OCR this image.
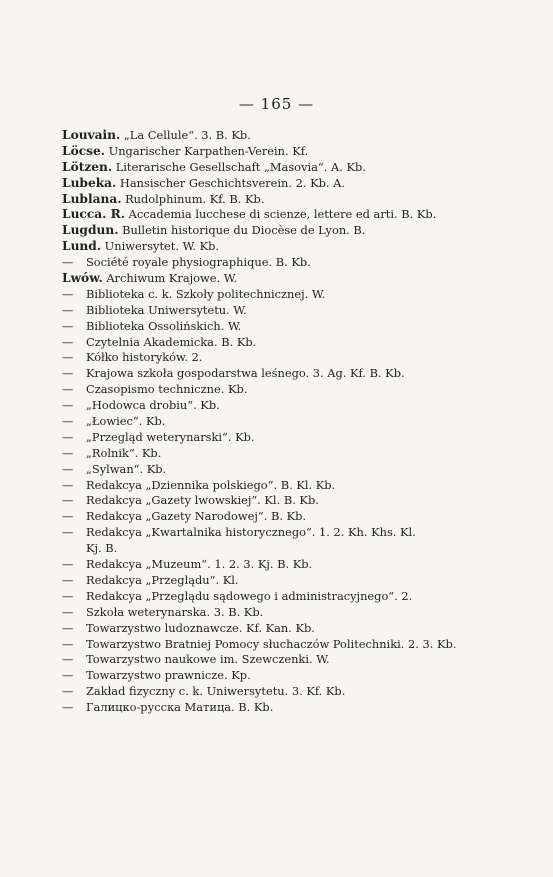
— 165 —
Louvain. „La Cellule“. 3. B. Kb.
Löcse. Ungarischer Karpathen-Verein. Kf.
Lötzen. Literarische Gesellschaft „Masovia“. A. Kb.
Lubeka. Hansischer Geschichtsverein. 2. Kb. A.
Lublana. Rudolphinum. Kf. B. Kb.
Lucca. R. Accademia lucchese di scienze, lettere ed arti. B. Kb.
Lugdun. Bulletin historique du Diocèse de Lyon. B.
Lund. Uniwersytet. W. Kb.
— Société royale physiographique. B. Kb.
Lwów. Archiwum Krajowe. W.
— Biblioteka c. k. Szkoły politechnicznej. W.
— Biblioteka Uniwersytetu. W.
— Biblioteka Ossolińskich. W.
— Czytelnia Akademicka. B. Kb.
— Kółko historyków. 2.
— Krajowa szkoła gospodarstwa leśnego. 3. Ag. Kf. B. Kb.
— Czasopismo techniczne. Kb.
— „Hodowca drobiu“. Kb.
— „Łowiec“. Kb.
— „Przegląd weterynarski“. Kb.
— „Rolnik“. Kb.
— „Sylwan“. Kb.
— Redakcya „Dziennika polskiego“. B. Kl. Kb.
— Redakcya „Gazety lwowskiej“. Kl. B. Kb.
— Redakcya „Gazety Narodowej“. B. Kb.
— Redakcya „Kwartalnika historycznego“. 1. 2. Kh. Khs. Kl.
Kj. B.
— Redakcya „Muzeum“. 1. 2. 3. Kj. B. Kb.
— Redakcya „Przeglądu“. Kl.
— Redakcya „Przeglądu sądowego i administracyjnego“. 2.
— Szkoła weterynarska. 3. B. Kb.
— Towarzystwo ludoznawcze. Kf. Kan. Kb.
— Towarzystwo Bratniej Pomocy słuchaczów Politechniki. 2. 3. Kb.
— Towarzystwo naukowe im. Szewczenki. W.
— Towarzystwo prawnicze. Kp.
— Zakład fizyczny c. k. Uniwersytetu. 3. Kf. Kb.
— Галицко-русска Матица. B. Kb.
